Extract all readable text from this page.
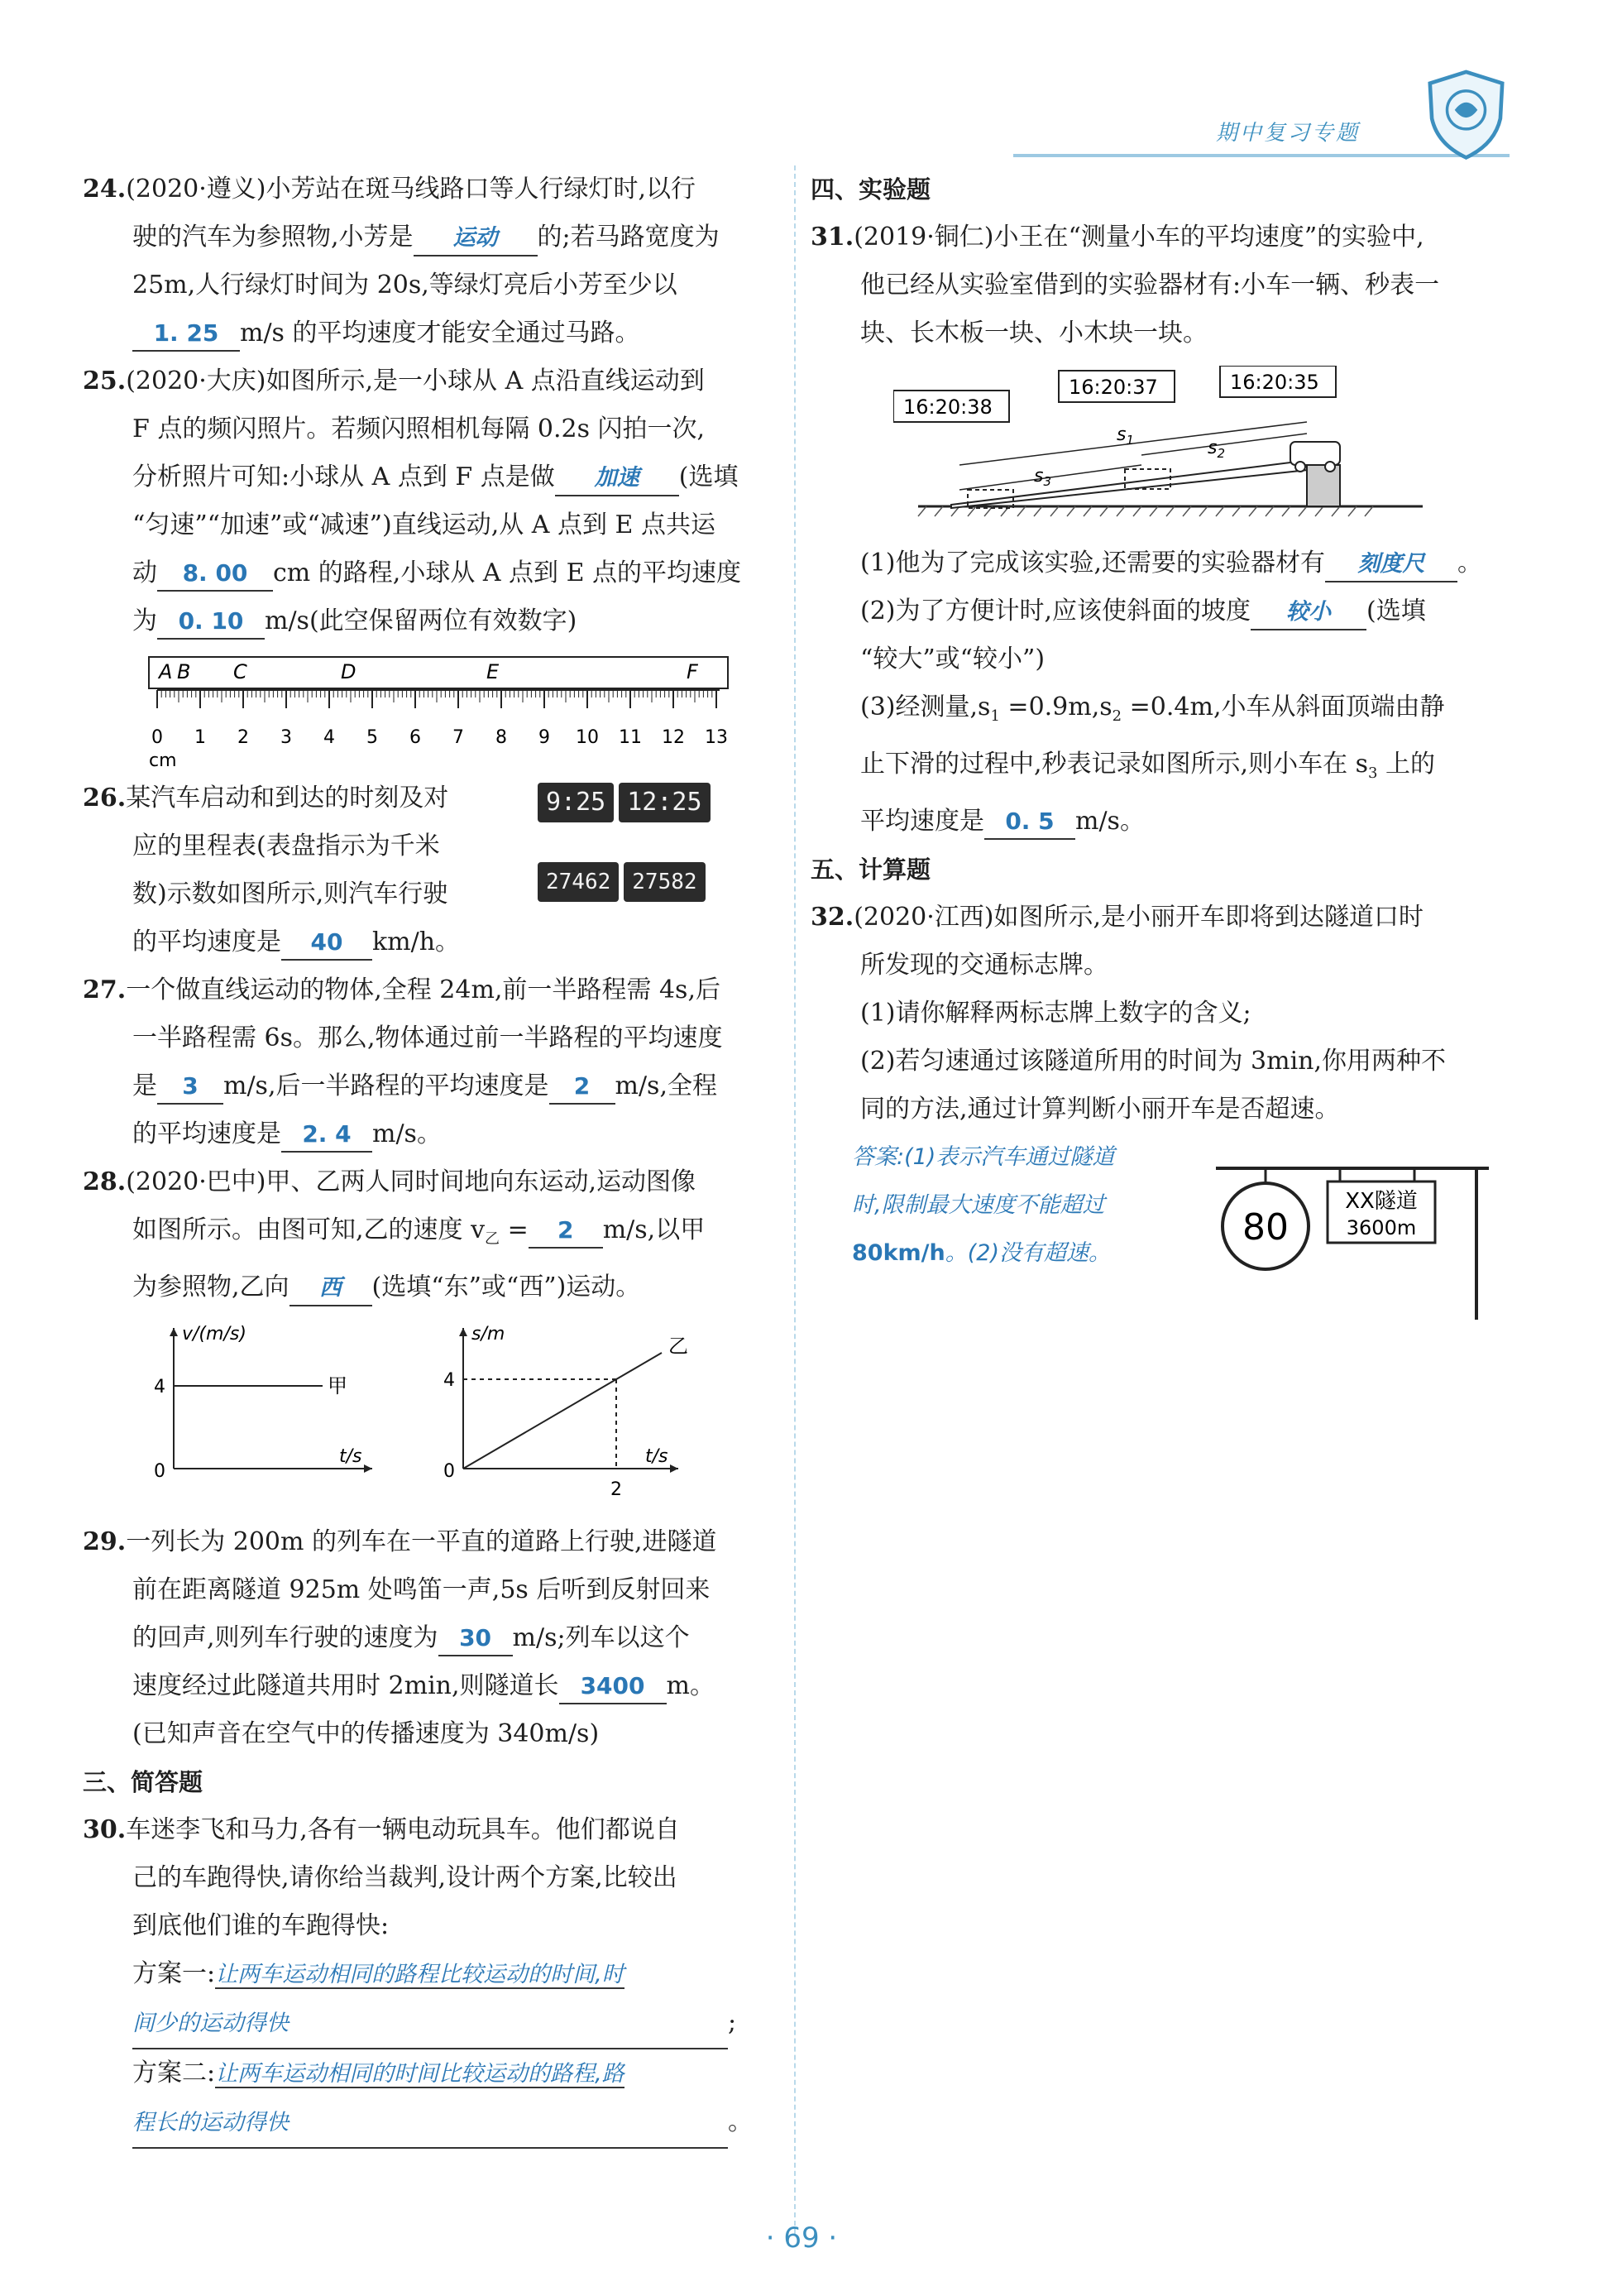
期中复习专题

24.(2020·遵义)小芳站在斑马线路口等人行绿灯时,以行

驶的汽车为参照物,小芳是 运动 的;若马路宽度为

25m,人行绿灯时间为 20s,等绿灯亮后小芳至少以

1. 25 m/s 的平均速度才能安全通过马路。

25.(2020·大庆)如图所示,是一小球从 A 点沿直线运动到

F 点的频闪照片。若频闪照相机每隔 0.2s 闪拍一次,

分析照片可知:小球从 A 点到 F 点是做 加速 (选填

“匀速”“加速”或“减速”)直线运动,从 A 点到 E 点共运

动 8. 00 cm 的路程,小球从 A 点到 E 点的平均速度

为 0. 10 m/s(此空保留两位有效数字)

A B C	D	E	F
0 1 2 3 4 5 6 7 8 9 10 11 12 13
cm

26.某汽车启动和到达的时刻及对

应的里程表(表盘指示为千米

数)示数如图所示,则汽车行驶

的平均速度是 40 km/h。

9:25 12:25
27462 27582

27.一个做直线运动的物体,全程 24m,前一半路程需 4s,后

一半路程需 6s。那么,物体通过前一半路程的平均速度

是 3 m/s,后一半路程的平均速度是 2 m/s,全程

的平均速度是 2. 4 m/s。

28.(2020·巴中)甲、乙两人同时间地向东运动,运动图像

如图所示。由图可知,乙的速度 $v_乙 = 2$ m/s,以甲

为参照物,乙向 西 (选填“东”或“西”)运动。

v/(m/s)
4
0
t/s
甲
s/m
4
0
2
t/s
乙

29.一列长为 200m 的列车在一平直的道路上行驶,进隧道

前在距离隧道 925m 处鸣笛一声,5s 后听到反射回来

的回声,则列车行驶的速度为 30 m/s;列车以这个

速度经过此隧道共用时 2min,则隧道长 3400 m。

(已知声音在空气中的传播速度为 340m/s)

三、简答题

30.车迷李飞和马力,各有一辆电动玩具车。他们都说自

己的车跑得快,请你给当裁判,设计两个方案,比较出

到底他们谁的车跑得快:

方案一:让两车运动相同的路程比较运动的时间,时

间少的运动得快	;

方案二:让两车运动相同的时间比较运动的路程,路

程长的运动得快	。

四、实验题

31.(2019·铜仁)小王在“测量小车的平均速度”的实验中,

他已经从实验室借到的实验器材有:小车一辆、秒表一

块、长木板一块、小木块一块。

16:20:38
16:20:37	16:20:35
$s_1$	$s_2$
$s_3$

(1)他为了完成该实验,还需要的实验器材有 刻度尺 。

(2)为了方便计时,应该使斜面的坡度 较小 (选填

“较大”或“较小”)

(3)经测量$,s_1 =0.9m,s_2 =0.4m$,小车从斜面顶端由静

止下滑的过程中,秒表记录如图所示,则小车在 $s_3$ 上的

平均速度是 0. 5 m/s。

五、计算题

32.(2020·江西)如图所示,是小丽开车即将到达隧道口时

所发现的交通标志牌。

(1)请你解释两标志牌上数字的含义;

(2)若匀速通过该隧道所用的时间为 3min,你用两种不

同的方法,通过计算判断小丽开车是否超速。

答案:(1)表示汽车通过隧道

时,限制最大速度不能超过

80km/h。(2)没有超速。

80
XX隧道
3600m
· 69 ·
